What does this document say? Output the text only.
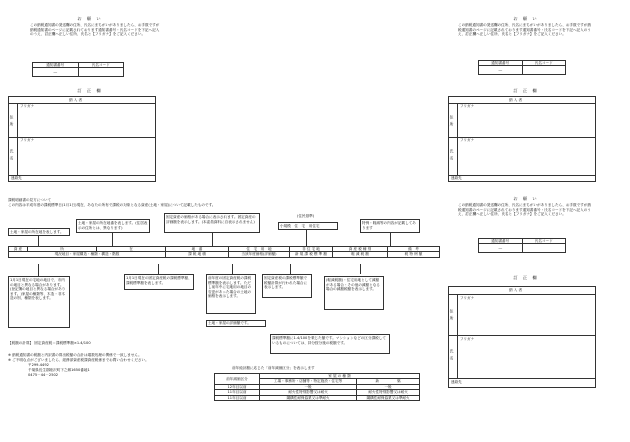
お 願 い
この納税通知書の発送欄の住所、氏名にまちがいがありましたら、お手数ですが納税通知書のページに記載されております通知書番号・氏名コードを下記へ記入のうえ、訂正欄へ正しい住所、氏名と【フリガナ】をご記入ください。
通知書番号	氏名コード
―	
訂 正 欄
納 入 者
フリガナ
住 所
フリガナ
氏 名
連絡先
お 願 い
この納税通知書の発送欄の住所、氏名にまちがいがありましたら、お手数ですが納税通知書のページに記載されております通知書番号・氏名コードを下記へ記入のうえ、訂正欄へ正しい住所、氏名と【フリガナ】をご記入ください。
通知書番号	氏名コード
―	
訂 正 欄
納 入 者
フリガナ
住 所
フリガナ
氏 名
連絡先
お 願 い
この納税通知書の発送欄の住所、氏名にまちがいがありましたら、お手数ですが納税通知書のページに記載されております通知書番号・氏名コードを下記へ記入のうえ、訂正欄へ正しい住所、氏名と【フリガナ】をご記入ください。
通知書番号	氏名コード
―	
訂 正 欄
納 入 者
フリガナ
住 所
フリガナ
氏 名
連絡先
課税明細書の見方について
この内容は平成年度の課税標準日(1月1日)現在、あなたの所有で課税の対象となる資産(土地・家屋)について記載したものです。
土地・家屋の所在地を表します。
土地・家屋の所在地番を表します。(住居表示の住所とは、異なります)
固定資産の価格がある場合に表示されます。固定資産の評価額を表示します。(本委員資料に自表示されません)
(住民基準)
小規模　住　宅　用住宅
特例・軽減等の内容が記載してあります
資 産	所	在	地　番	住　宅　用　地	非 住 宅 地	資 産 税 種 別	備　考
現況地目・家屋構造・種類・構造・階数			課 税 地 積	当該年度価格(評価額)	新 規 課 税 標 準 額	軽 減 税 額	税 特 例 額
1月1日現在の宅地の地目で、市内の地目と異なる場合があります。(登記簿の地目と異なる場合があります。)家屋の種類等、木造・非木造の別、種類を表します。
1月1日現在の固定資産税の課税標準額、課税標準額を表します。
前年度の固定資産税の課税標準額を表示します。ただし前年中に宅地用の地目の変更があった場合の土地の価格を表示します。
固定資産税の課税標準額で税額計算が行われた場合に表示します。
(軽減税額)・住宅用地として減額がある場合・その他の減額となる場合の減額税額を表示します。
土地・家屋の評価額です。
課税標準額に1.4/100を乗じた額です。マンションなどの区分課税しているものについては、持分按分後の税額です。
【税額の計算】 固定資産税＝課税標準額×1.4/100
※ 納税通知書の税額と内訳書の算出税額の合計は端数処理の関係で一致しません。
※ ご不明な点がございましたら、総務部資産税課資産税係までお問い合わせください。
〒299-4492
千葉県長生郡睦沢町下之郷1650番地1
0475－44－2502
前年純計額に応じた「前年減価区分」を表示します
前年減価区分	家 屋 の 種 類	
	工場・事務所・店舗等・特定施設・住宅等	新　　　　　築
12年目以前	一般	一般
11年目以前	耐火性特別影響又は耐火	耐火性特別影響又は耐火
11年目以前	鋼構性耐保協業又は準耐火	鋼構性耐保協業又は準耐火
